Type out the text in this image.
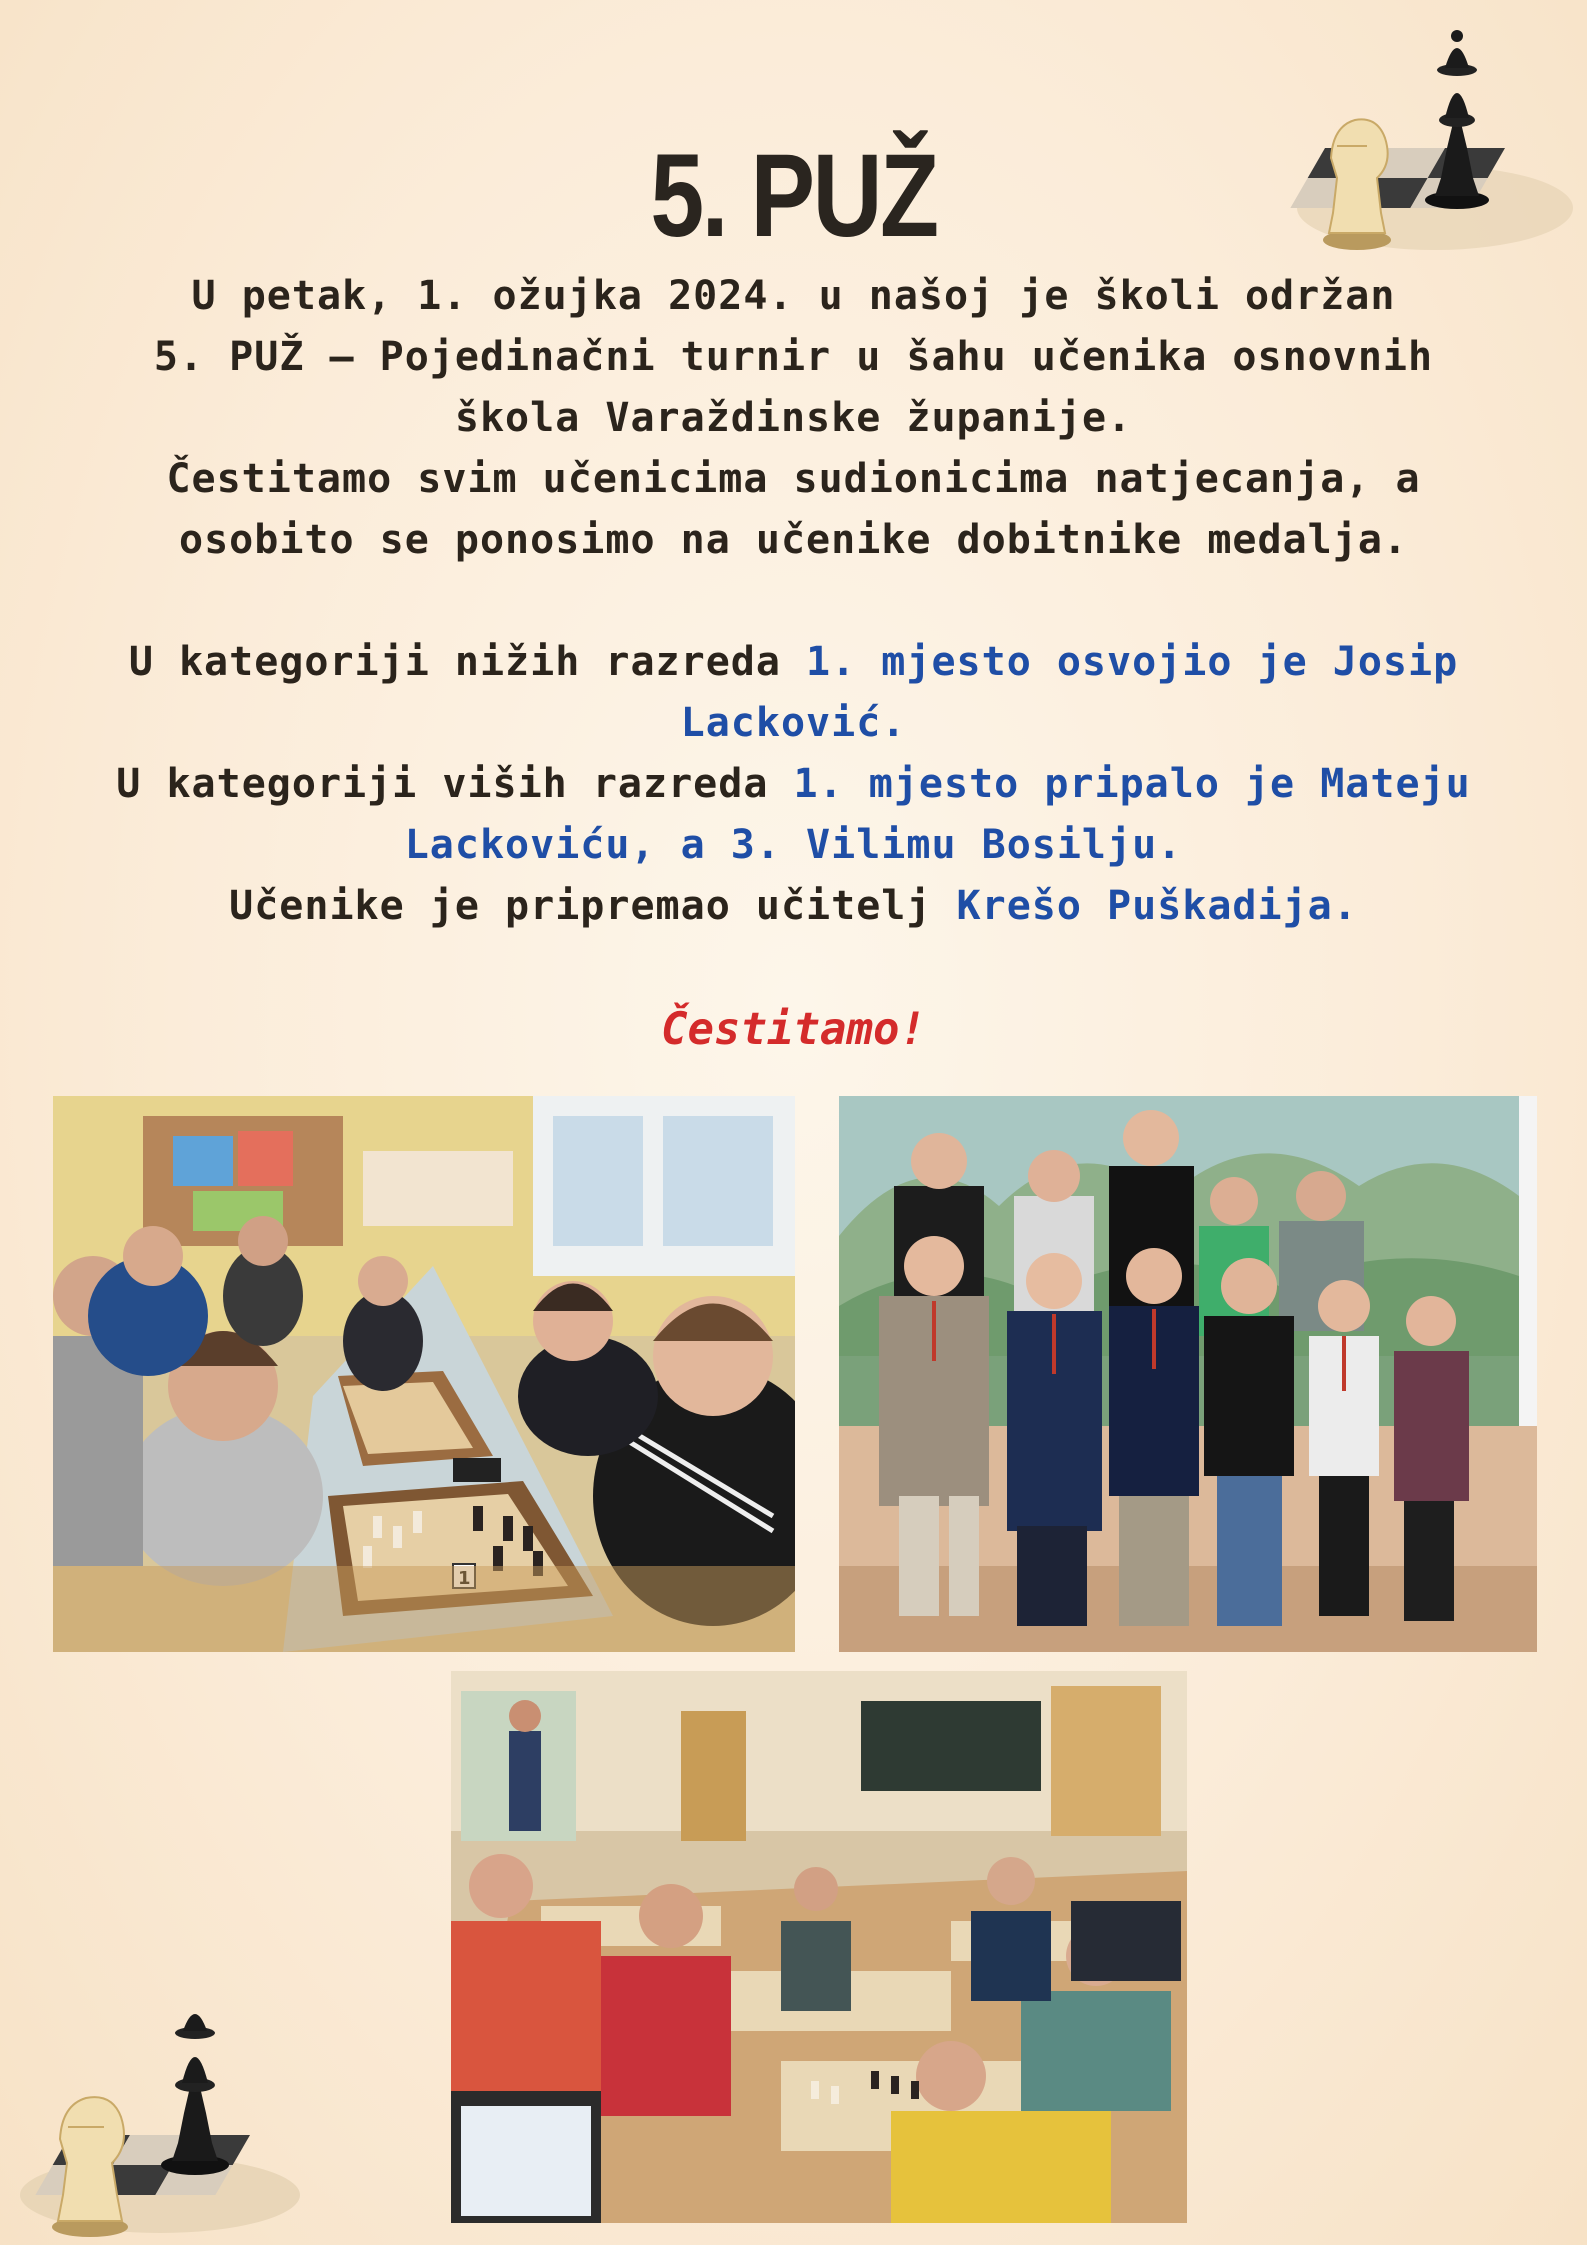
5. PUŽ
U petak, 1. ožujka 2024. u našoj je školi održan
5. PUŽ – Pojedinačni turnir u šahu učenika osnovnih
škola Varaždinske županije.
Čestitamo svim učenicima sudionicima natjecanja, a
osobito se ponosimo na učenike dobitnike medalja.
U kategoriji nižih razreda 1. mjesto osvojio je Josip
Lacković.
U kategoriji viših razreda 1. mjesto pripalo je Mateju
Lackoviću, a 3. Vilimu Bosilju.
Učenike je pripremao učitelj Krešo Puškadija.
Čestitamo!
